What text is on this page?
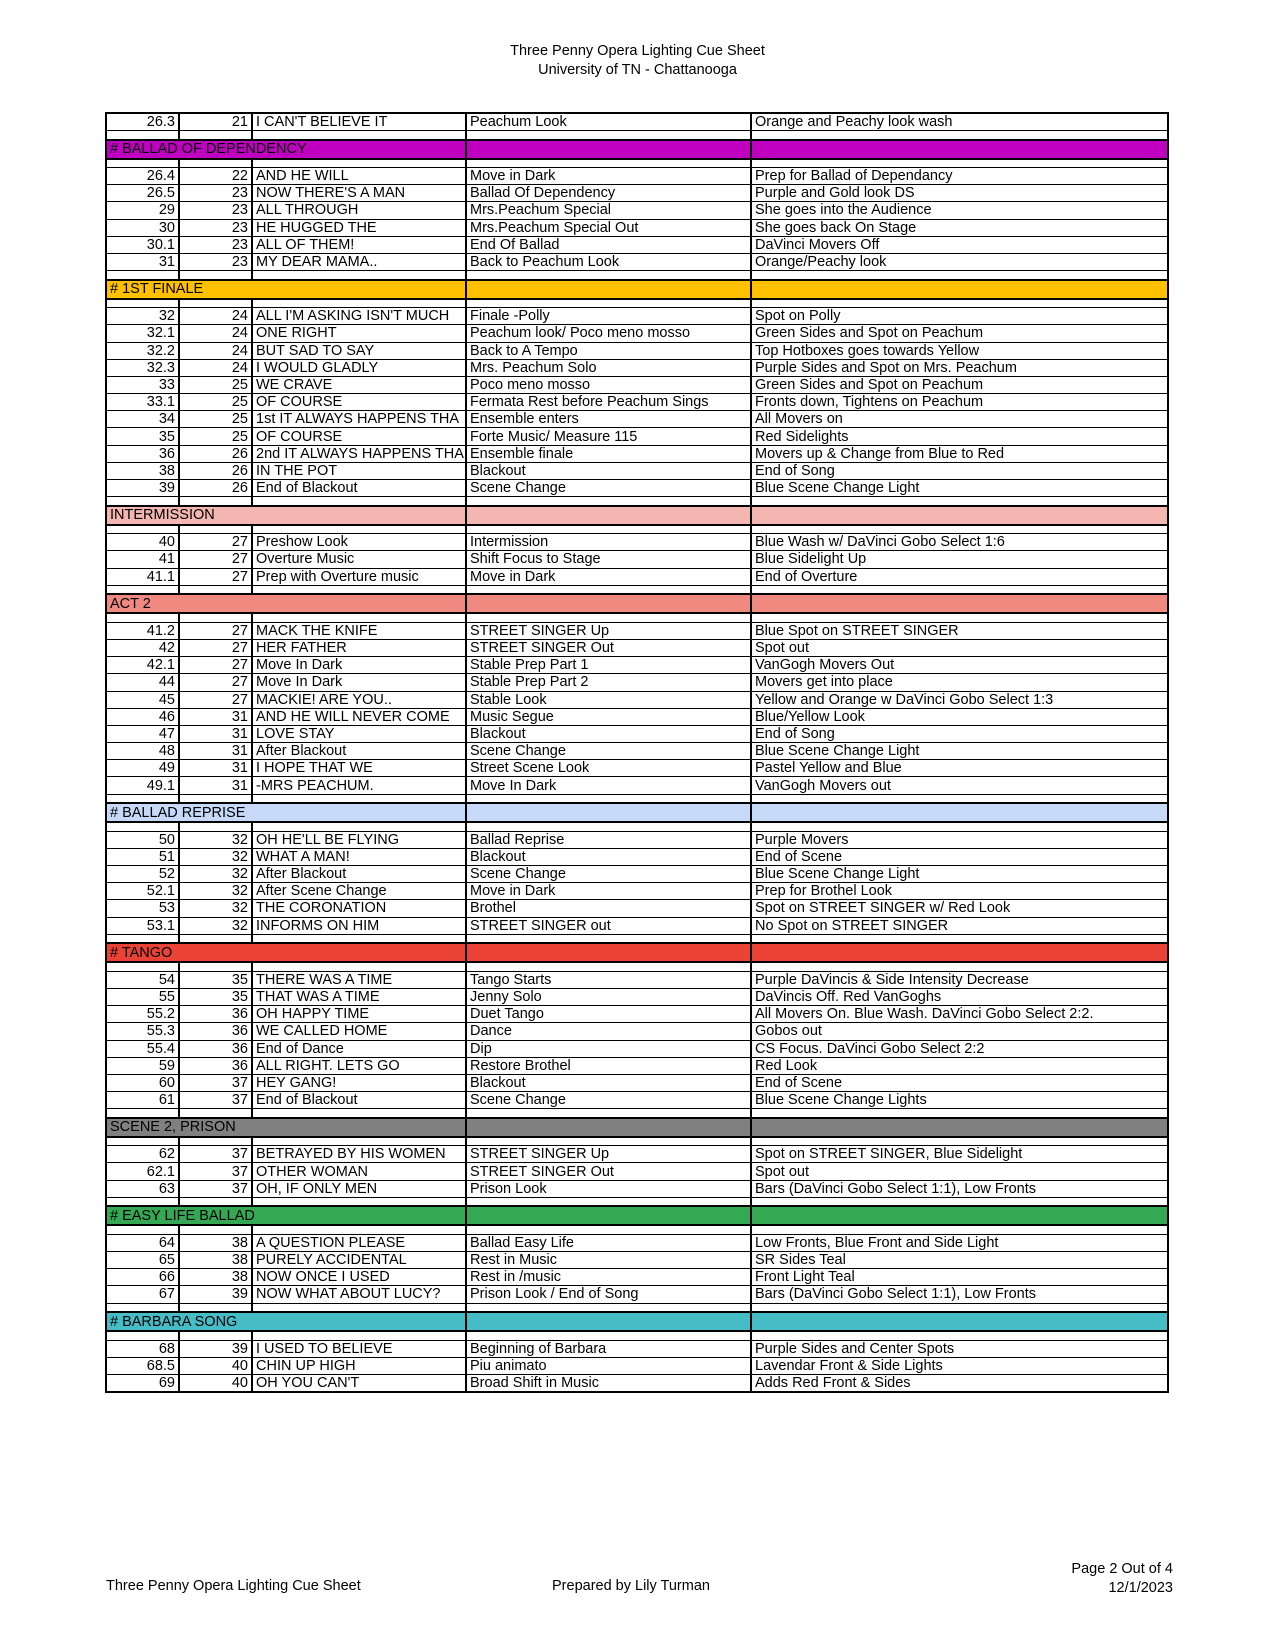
Three Penny Opera Lighting Cue Sheet
University of TN - Chattanooga
26.3	21	I CAN'T BELIEVE IT	Peachum Look	Orange and Peachy look wash

# BALLAD OF DEPENDENCY				

26.4	22	AND HE WILL	Move in Dark	Prep for Ballad of Dependancy
26.5	23	NOW THERE'S A MAN	Ballad Of Dependency	Purple and Gold look DS
29	23	ALL THROUGH	Mrs.Peachum Special	She goes into the Audience
30	23	HE HUGGED THE	Mrs.Peachum Special Out	She goes back On Stage
30.1	23	ALL OF THEM!	End Of Ballad	DaVinci Movers Off
31	23	MY DEAR MAMA..	Back to Peachum Look	Orange/Peachy look

# 1ST FINALE				

32	24	ALL I'M ASKING ISN'T MUCH	Finale -Polly	Spot on Polly
32.1	24	ONE RIGHT	Peachum look/ Poco meno mosso	Green Sides and Spot on Peachum
32.2	24	BUT SAD TO SAY	Back to A Tempo	Top Hotboxes goes towards Yellow
32.3	24	I WOULD GLADLY	Mrs. Peachum Solo	Purple Sides and Spot on Mrs. Peachum
33	25	WE CRAVE	Poco meno mosso	Green Sides and Spot on Peachum
33.1	25	OF COURSE	Fermata Rest before Peachum Sings	Fronts down, Tightens on Peachum
34	25	1st IT ALWAYS HAPPENS THA	Ensemble enters	All Movers on
35	25	OF COURSE	Forte Music/ Measure 115	Red Sidelights
36	26	2nd IT ALWAYS HAPPENS THA	Ensemble finale	Movers up & Change from Blue to Red
38	26	IN THE POT	Blackout	End of Song
39	26	End of Blackout	Scene Change	Blue Scene Change Light

INTERMISSION				

40	27	Preshow Look	Intermission	Blue Wash w/ DaVinci Gobo Select 1:6
41	27	Overture Music	Shift Focus to Stage	Blue Sidelight Up
41.1	27	Prep with Overture music	Move in Dark	End of Overture

ACT 2				

41.2	27	MACK THE KNIFE	STREET SINGER Up	Blue Spot on STREET SINGER
42	27	HER FATHER	STREET SINGER Out	Spot out
42.1	27	Move In Dark	Stable Prep Part 1	VanGogh Movers Out
44	27	Move In Dark	Stable Prep Part 2	Movers get into place
45	27	MACKIE! ARE YOU..	Stable Look	Yellow and Orange w DaVinci Gobo Select 1:3
46	31	AND HE WILL NEVER COME	Music Segue	Blue/Yellow Look
47	31	LOVE STAY	Blackout	End of Song
48	31	After Blackout	Scene Change	Blue Scene Change Light
49	31	I HOPE THAT WE	Street Scene Look	Pastel Yellow and Blue
49.1	31	-MRS PEACHUM.	Move In Dark	VanGogh Movers out

# BALLAD REPRISE				

50	32	OH HE'LL BE FLYING	Ballad Reprise	Purple Movers
51	32	WHAT A MAN!	Blackout	End of Scene
52	32	After Blackout	Scene Change	Blue Scene Change Light
52.1	32	After Scene Change	Move in Dark	Prep for Brothel Look
53	32	THE CORONATION	Brothel	Spot on STREET SINGER w/ Red Look
53.1	32	INFORMS ON HIM	STREET SINGER out	No Spot on STREET SINGER

# TANGO				

54	35	THERE WAS A TIME	Tango Starts	Purple DaVincis & Side Intensity Decrease
55	35	THAT WAS A TIME	Jenny Solo	DaVincis Off. Red VanGoghs
55.2	36	OH HAPPY TIME	Duet Tango	All Movers On. Blue Wash. DaVinci Gobo Select 2:2.
55.3	36	WE CALLED HOME	Dance	Gobos out
55.4	36	End of Dance	Dip	CS Focus. DaVinci Gobo Select 2:2
59	36	ALL RIGHT. LETS GO	Restore Brothel	Red Look
60	37	HEY GANG!	Blackout	End of Scene
61	37	End of Blackout	Scene Change	Blue Scene Change Lights

SCENE 2, PRISON				

62	37	BETRAYED BY HIS WOMEN	STREET SINGER Up	Spot on STREET SINGER, Blue Sidelight
62.1	37	OTHER WOMAN	STREET SINGER Out	Spot out
63	37	OH, IF ONLY MEN	Prison Look	Bars (DaVinci Gobo Select 1:1), Low Fronts

# EASY LIFE BALLAD				

64	38	A QUESTION PLEASE	Ballad Easy Life	Low Fronts, Blue Front and Side Light
65	38	PURELY ACCIDENTAL	Rest in Music	SR Sides Teal
66	38	NOW ONCE I USED	Rest in /music	Front Light Teal
67	39	NOW WHAT ABOUT LUCY?	Prison Look / End of Song	Bars (DaVinci Gobo Select 1:1), Low Fronts

# BARBARA SONG				

68	39	I USED TO BELIEVE	Beginning of Barbara	Purple Sides and Center Spots
68.5	40	CHIN UP HIGH	Piu animato	Lavendar Front & Side Lights
69	40	OH YOU CAN'T	Broad Shift in Music	Adds Red Front & Sides
Three Penny Opera Lighting Cue Sheet	Prepared by Lily Turman
Page 2 Out of 4
12/1/2023
